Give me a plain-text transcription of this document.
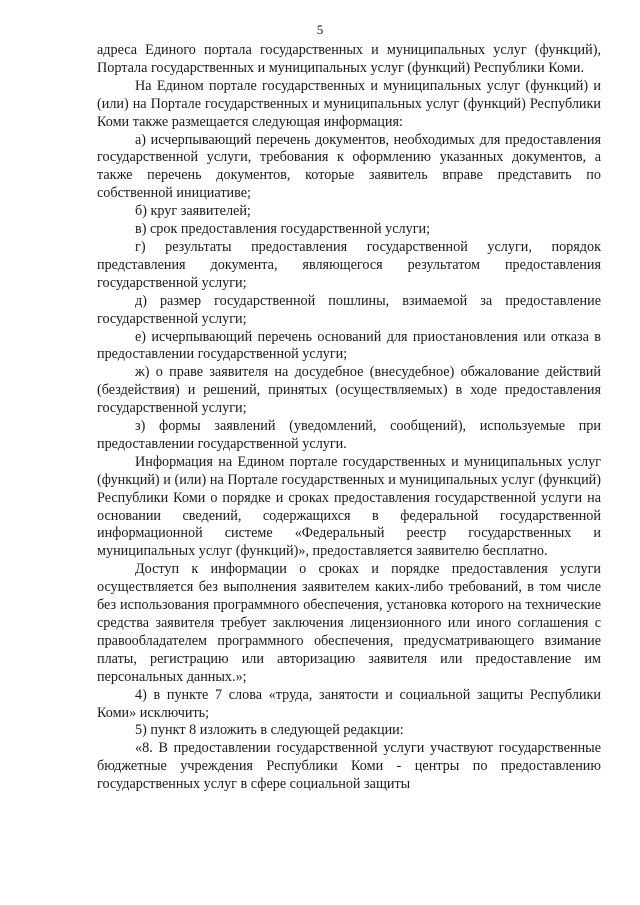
5

адреса Единого портала государственных и муниципальных услуг (функций), Портала государственных и муниципальных услуг (функций) Республики Коми.

На Едином портале государственных и муниципальных услуг (функций) и (или) на Портале государственных и муниципальных услуг (функций) Республики Коми также размещается следующая информация:

а) исчерпывающий перечень документов, необходимых для предоставления государственной услуги, требования к оформлению указанных документов, а также перечень документов, которые заявитель вправе представить по собственной инициативе;

б) круг заявителей;

в) срок предоставления государственной услуги;

г) результаты предоставления государственной услуги, порядок представления документа, являющегося результатом предоставления государственной услуги;

д) размер государственной пошлины, взимаемой за предоставление государственной услуги;

е) исчерпывающий перечень оснований для приостановления или отказа в предоставлении государственной услуги;

ж) о праве заявителя на досудебное (внесудебное) обжалование действий (бездействия) и решений, принятых (осуществляемых) в ходе предоставления государственной услуги;

з) формы заявлений (уведомлений, сообщений), используемые при предоставлении государственной услуги.

Информация на Едином портале государственных и муниципальных услуг (функций) и (или) на Портале государственных и муниципальных услуг (функций) Республики Коми о порядке и сроках предоставления государственной услуги на основании сведений, содержащихся в федеральной государственной информационной системе «Федеральный реестр государственных и муниципальных услуг (функций)», предоставляется заявителю бесплатно.

Доступ к информации о сроках и порядке предоставления услуги осуществляется без выполнения заявителем каких-либо требований, в том числе без использования программного обеспечения, установка которого на технические средства заявителя требует заключения лицензионного или иного соглашения с правообладателем программного обеспечения, предусматривающего взимание платы, регистрацию или авторизацию заявителя или предоставление им персональных данных.»;

4) в пункте 7 слова «труда, занятости и социальной защиты Республики Коми» исключить;

5) пункт 8 изложить в следующей редакции:

«8. В предоставлении государственной услуги участвуют государственные бюджетные учреждения Республики Коми - центры по предоставлению государственных услуг в сфере социальной защиты
